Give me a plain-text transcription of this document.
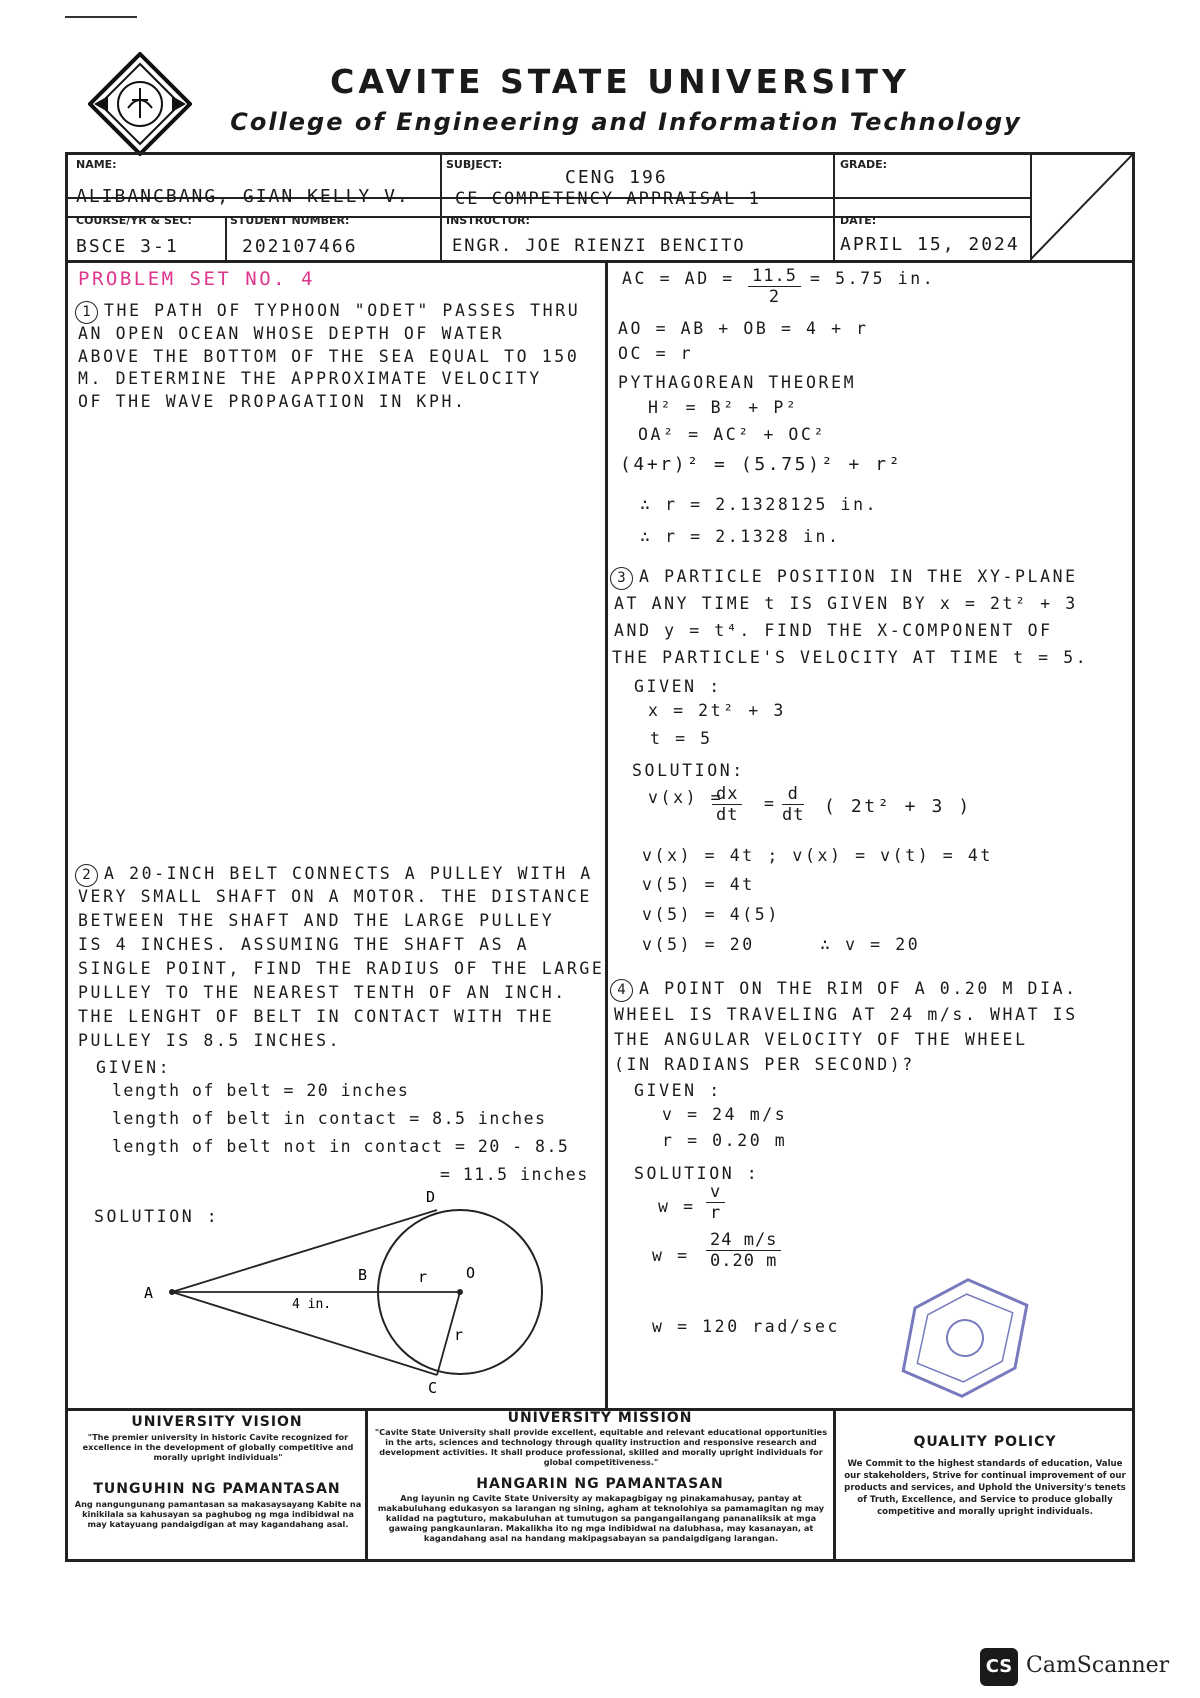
CAVITE STATE UNIVERSITY
College of Engineering and Information Technology
NAME:
ALIBANCBANG, GIAN KELLY V.
SUBJECT:
CENG 196
CE COMPETENCY APPRAISAL 1
GRADE:
COURSE/YR & SEC:
BSCE 3-1
STUDENT NUMBER:
202107466
INSTRUCTOR:
ENGR. JOE RIENZI BENCITO
DATE:
APRIL 15, 2024
PROBLEM SET NO. 4
1 THE PATH OF TYPHOON "ODET" PASSES THRU
AN OPEN OCEAN WHOSE DEPTH OF WATER
ABOVE THE BOTTOM OF THE SEA EQUAL TO 150
M. DETERMINE THE APPROXIMATE VELOCITY
OF THE WAVE PROPAGATION IN KPH.
2 A 20-INCH BELT CONNECTS A PULLEY WITH A
VERY SMALL SHAFT ON A MOTOR. THE DISTANCE
BETWEEN THE SHAFT AND THE LARGE PULLEY
IS 4 INCHES. ASSUMING THE SHAFT AS A
SINGLE POINT, FIND THE RADIUS OF THE LARGE
PULLEY TO THE NEAREST TENTH OF AN INCH.
THE LENGHT OF BELT IN CONTACT WITH THE
PULLEY IS 8.5 INCHES.
GIVEN:
length of belt = 20 inches
length of belt in contact = 8.5 inches
length of belt not in contact = 20 - 8.5
= 11.5 inches
SOLUTION :
A
B	O
D
C
r
r
4 in.
AC = AD = $\frac{11.5}{2} = 5.75$ in.
AO = AB + OB = 4 + r
OC = r
PYTHAGOREAN THEOREM
H² = B² + P²
OA² = AC² + OC²
(4+r)² = (5.75)² + r²
∴ r = 2.1328125 in.
∴ r = 2.1328 in.
3 A PARTICLE POSITION IN THE XY-PLANE
AT ANY TIME t IS GIVEN BY x = 2t² + 3
AND y = t⁴. FIND THE X-COMPONENT OF
THE PARTICLE'S VELOCITY AT TIME t = 5.
GIVEN :
x = 2t² + 3
t = 5
SOLUTION:
v(x) =
$\frac{dx}{dt} = \frac{d}{dt}$ ( 2t² + 3 )
v(x) = 4t ; v(x) = v(t) = 4t
v(5) = 4t
v(5) = 4(5)
v(5) = 20	∴ v = 20
4 A POINT ON THE RIM OF A 0.20 M DIA.
WHEEL IS TRAVELING AT 24 m/s. WHAT IS
THE ANGULAR VELOCITY OF THE WHEEL
(IN RADIANS PER SECOND)?
GIVEN :
v = 24 m/s
r = 0.20 m
SOLUTION :
$w = \frac{v}{r}$
$w = \frac{24 m/s}{0.20 m}$
w = 120 rad/sec
UNIVERSITY VISION
"The premier university in historic Cavite recognized for excellence in the development of globally competitive and morally upright individuals"
TUNGUHIN NG PAMANTASAN
Ang nangungunang pamantasan sa makasaysayang Kabite na kinikilala sa kahusayan sa paghubog ng mga indibidwal na may katayuang pandaigdigan at may kagandahang asal.
UNIVERSITY MISSION
"Cavite State University shall provide excellent, equitable and relevant educational opportunities in the arts, sciences and technology through quality instruction and responsive research and development activities. It shall produce professional, skilled and morally upright individuals for global competitiveness."
HANGARIN NG PAMANTASAN
Ang layunin ng Cavite State University ay makapagbigay ng pinakamahusay, pantay at makabuluhang edukasyon sa larangan ng sining, agham at teknolohiya sa pamamagitan ng may kalidad na pagtuturo, makabuluhan at tumutugon sa pangangailangang pananaliksik at mga gawaing pangkaunlaran. Makalikha ito ng mga indibidwal na dalubhasa, may kasanayan, at kagandahang asal na handang makipagsabayan sa pandaigdigang larangan.
QUALITY POLICY
We Commit to the highest standards of education, Value our stakeholders, Strive for continual improvement of our products and services, and Uphold the University's tenets of Truth, Excellence, and Service to produce globally competitive and morally upright individuals.
CS CamScanner
